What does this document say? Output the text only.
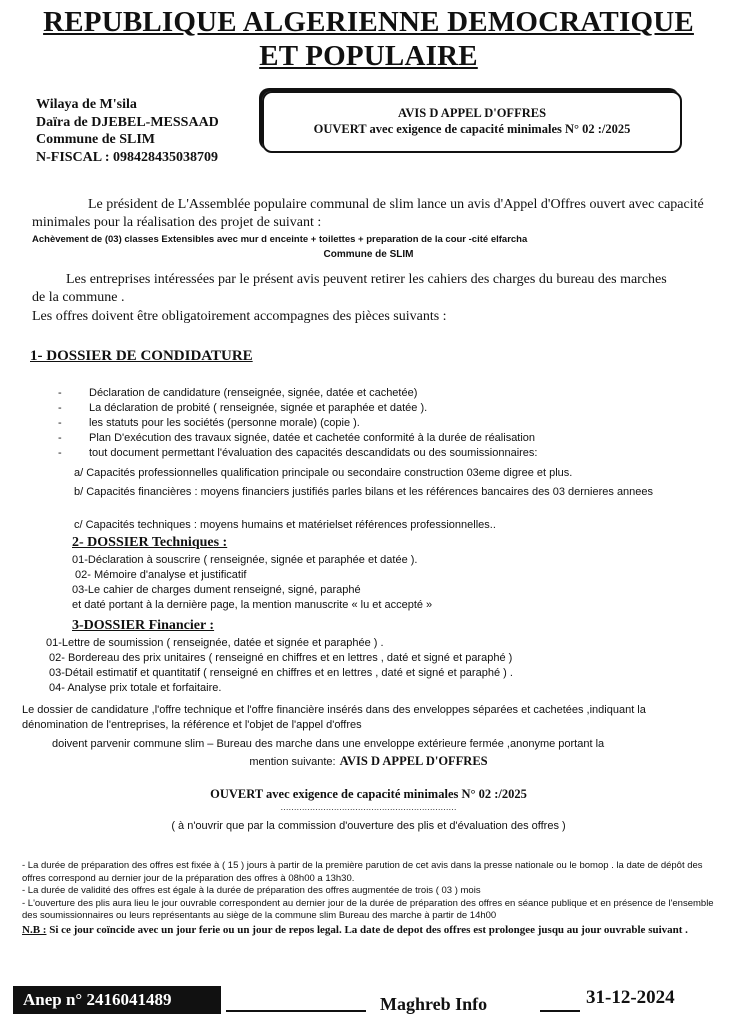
REPUBLIQUE ALGERIENNE DEMOCRATIQUE
ET POPULAIRE
Wilaya de M'sila
Daïra de DJEBEL-MESSAAD
Commune de SLIM
N-FISCAL : 098428435038709
AVIS D APPEL D'OFFRES
OUVERT avec exigence de capacité minimales N° 02 :/2025
Le président de L'Assemblée populaire communal de slim lance un avis d'Appel d'Offres ouvert avec capacité minimales pour la réalisation des projet de suivant :
Achèvement de (03) classes Extensibles avec mur d enceinte + toilettes + preparation de la cour -cité elfarcha
Commune de SLIM
Les entreprises intéressées par le présent avis peuvent retirer les cahiers des charges du bureau des marches de la commune .
Les offres doivent être obligatoirement accompagnes des pièces suivants :
1- DOSSIER DE CONDIDATURE
- Déclaration de candidature (renseignée, signée, datée et cachetée)
- La déclaration de probité ( renseignée, signée et paraphée et datée ).
- les statuts pour les sociétés (personne morale) (copie ).
- Plan D'exécution des travaux signée, datée et cachetée conformité à la durée de réalisation
- tout document permettant l'évaluation des capacités descandidats ou des soumissionnaires:
a/ Capacités professionnelles qualification principale ou secondaire construction 03eme digree et plus.
b/ Capacités financières : moyens financiers justifiés parles bilans et les références bancaires des 03 dernieres annees
c/ Capacités techniques : moyens humains et matérielset références professionnelles..
2- DOSSIER Techniques :
01-Déclaration à souscrire ( renseignée, signée et paraphée et datée ).
02- Mémoire d'analyse et justificatif
03-Le cahier de charges dument renseigné, signé, paraphé
et daté portant à la dernière page, la mention manuscrite « lu et accepté »
3-DOSSIER Financier :
01-Lettre de soumission ( renseignée, datée et signée et paraphée ) .
02- Bordereau des prix unitaires ( renseigné en chiffres et en lettres , daté et signé et paraphé )
03-Détail estimatif et quantitatif ( renseigné en chiffres et en lettres , daté et signé et paraphé ) .
04- Analyse prix totale et forfaitaire.
Le dossier de candidature ,l'offre technique et l'offre financière insérés dans des enveloppes séparées et cachetées ,indiquant la dénomination de l'entreprises, la référence et l'objet de l'appel d'offres
doivent parvenir commune slim – Bureau des marche dans une enveloppe extérieure fermée ,anonyme portant la
mention suivante: AVIS D APPEL D'OFFRES
OUVERT avec exigence de capacité minimales N° 02 :/2025
…………………………………………………………
( à n'ouvrir que par la commission d'ouverture des plis et d'évaluation des offres )
- La durée de préparation des offres est fixée à ( 15 ) jours à partir de la première parution de cet avis dans la presse nationale ou le bomop . la date de dépôt des offres correspond au dernier jour de la préparation des offres à 08h00 a 13h30.
- La durée de validité des offres est égale à la durée de préparation des offres augmentée de trois ( 03 ) mois
- L'ouverture des plis aura lieu le jour ouvrable correspondent au dernier jour de la durée de préparation des offres en séance publique et en présence de l'ensemble des soumissionnaires ou leurs représentants au siège de la commune slim Bureau des marche à partir de 14h00
N.B : Si ce jour coïncide avec un jour ferie ou un jour de repos legal. La date de depot des offres est prolongee jusqu au jour ouvrable suivant .
Anep n° 2416041489	Maghreb Info	31-12-2024
